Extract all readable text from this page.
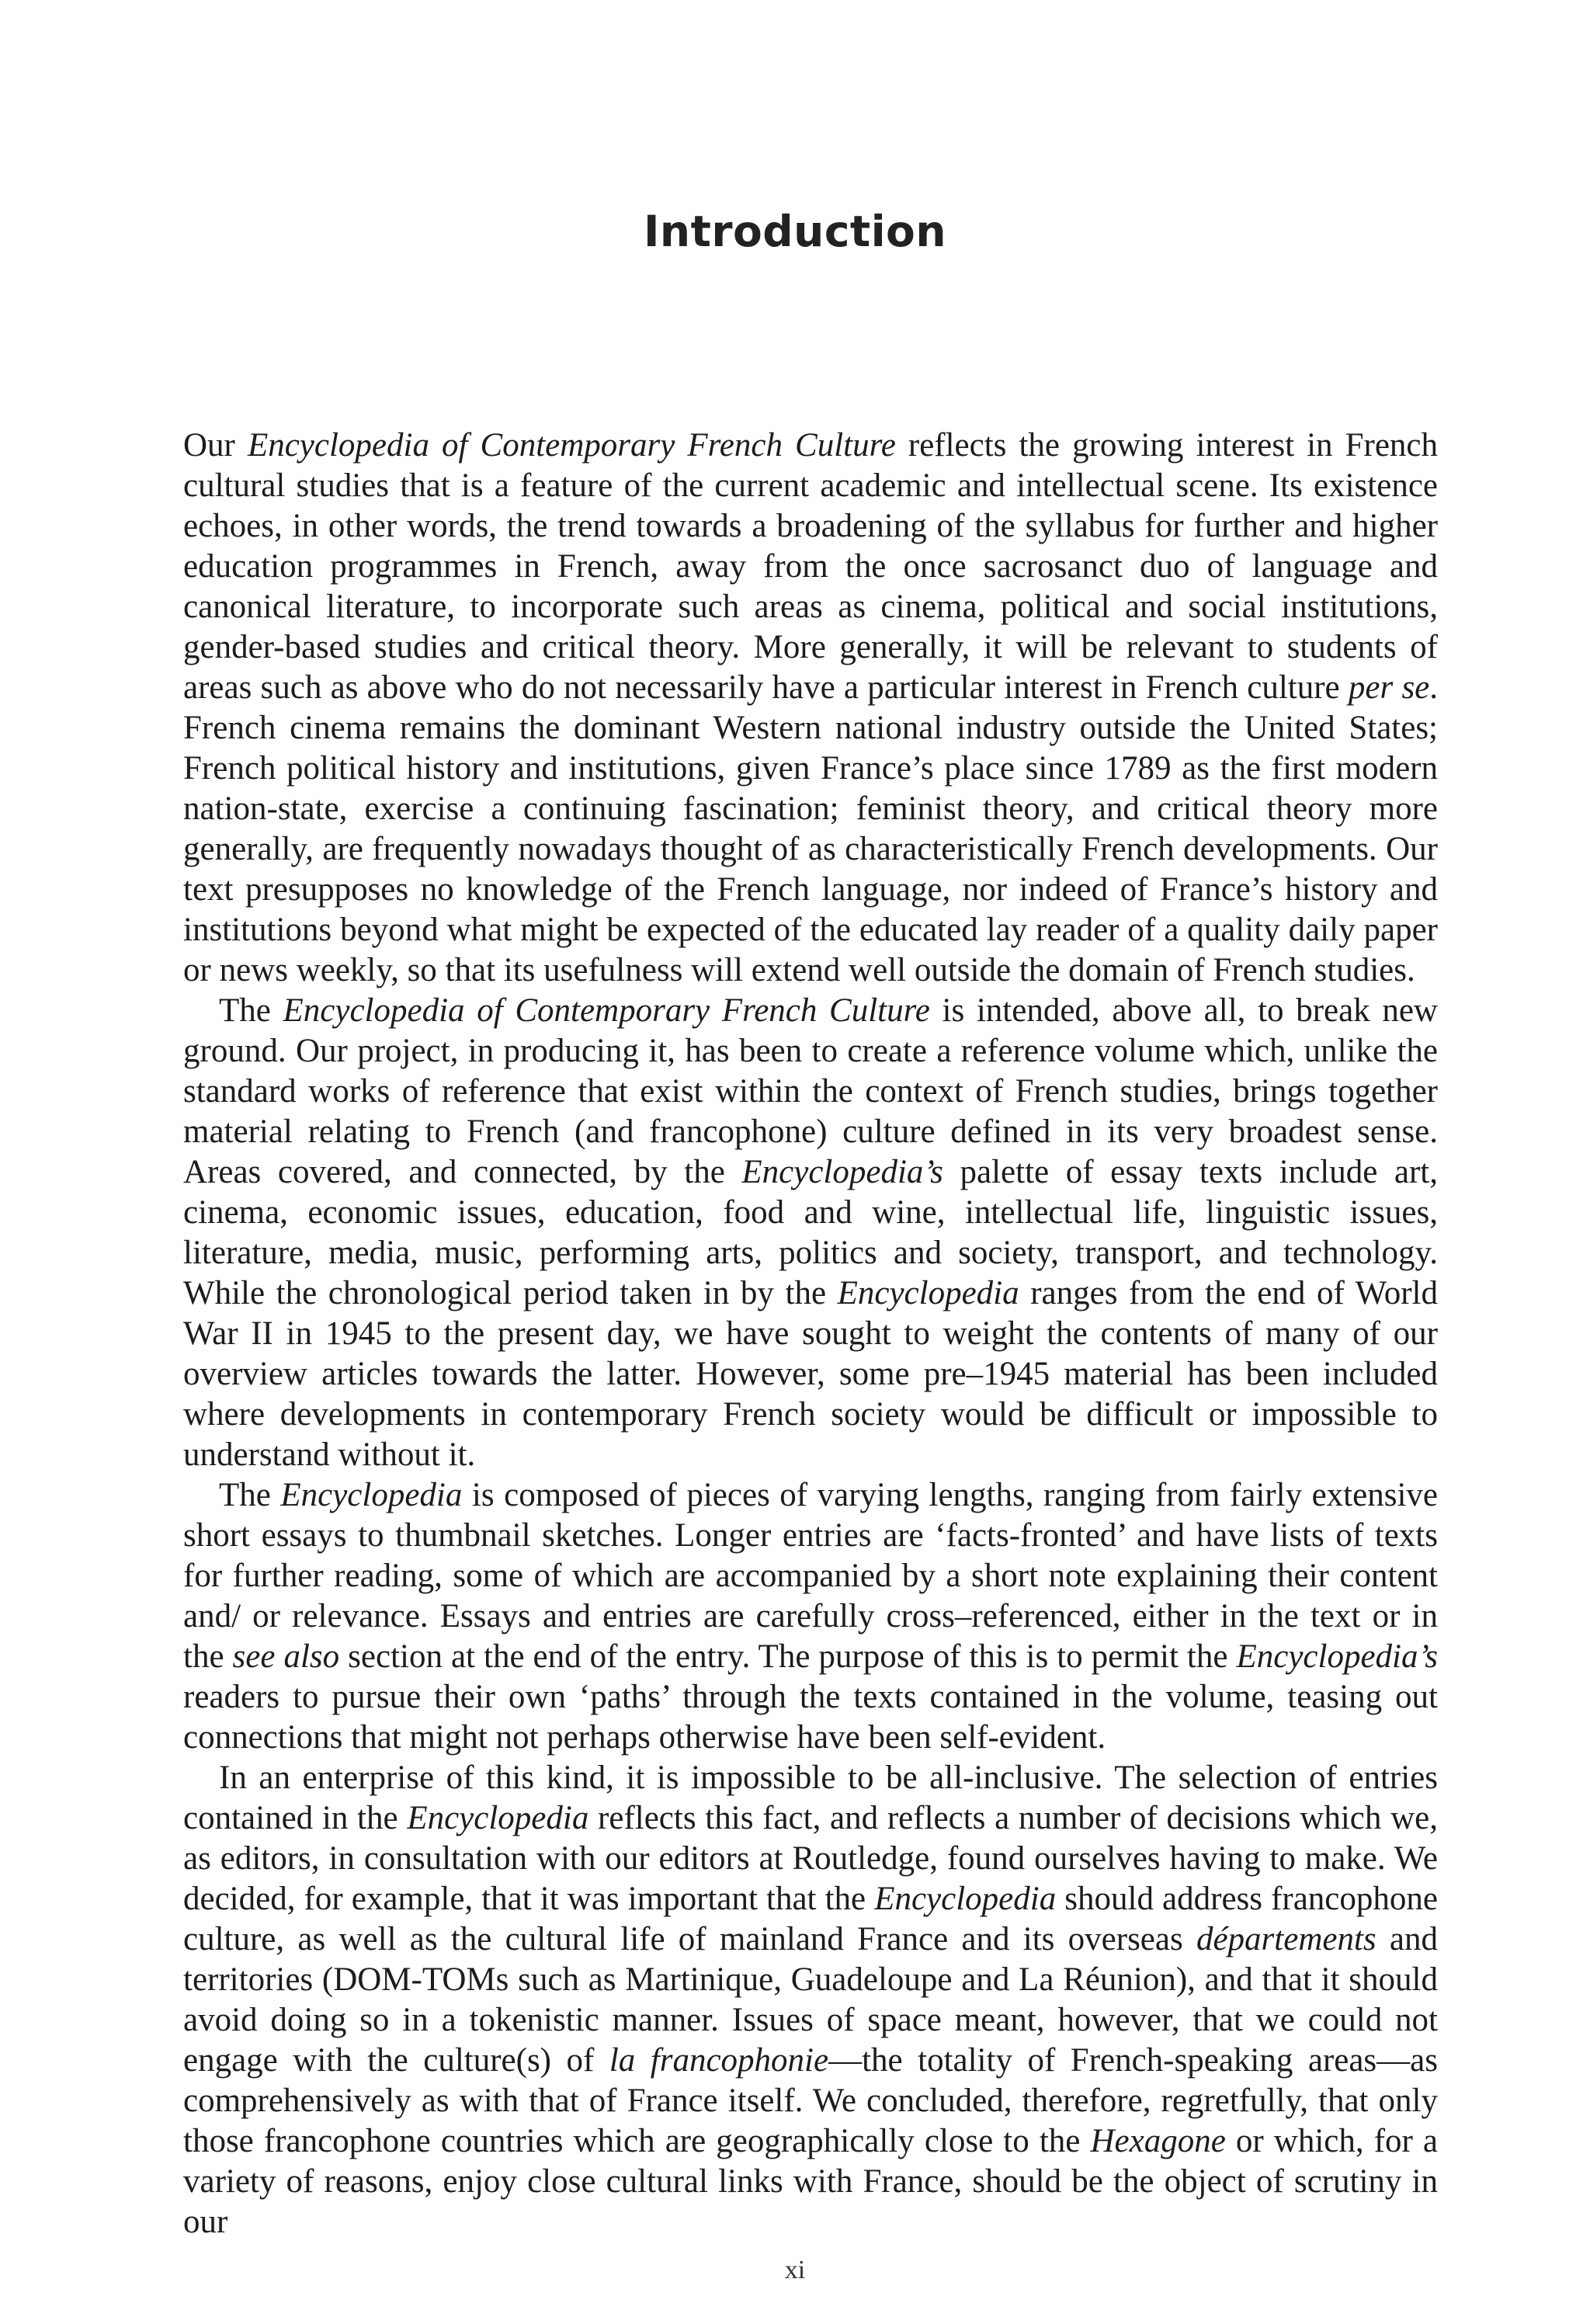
Introduction

Our Encyclopedia of Contemporary French Culture reflects the growing interest in French cultural studies that is a feature of the current academic and intellectual scene. Its existence echoes, in other words, the trend towards a broadening of the syllabus for further and higher education programmes in French, away from the once sacrosanct duo of language and canonical literature, to incorporate such areas as cinema, political and social institutions, gender-based studies and critical theory. More generally, it will be relevant to students of areas such as above who do not necessarily have a particular interest in French culture per se. French cinema remains the dominant Western national industry outside the United States; French political history and institutions, given France’s place since 1789 as the first modern nation-state, exercise a continuing fascination; feminist theory, and critical theory more generally, are frequently nowadays thought of as characteristically French developments. Our text presupposes no knowledge of the French language, nor indeed of France’s history and institutions beyond what might be expected of the educated lay reader of a quality daily paper or news weekly, so that its usefulness will extend well outside the domain of French studies.

The Encyclopedia of Contemporary French Culture is intended, above all, to break new ground. Our project, in producing it, has been to create a reference volume which, unlike the standard works of reference that exist within the context of French studies, brings together material relating to French (and francophone) culture defined in its very broadest sense. Areas covered, and connected, by the Encyclopedia’s palette of essay texts include art, cinema, economic issues, education, food and wine, intellectual life, linguistic issues, literature, media, music, performing arts, politics and society, transport, and technology. While the chronological period taken in by the Encyclopedia ranges from the end of World War II in 1945 to the present day, we have sought to weight the contents of many of our overview articles towards the latter. However, some pre–1945 material has been included where developments in contemporary French society would be difficult or impossible to understand without it.

The Encyclopedia is composed of pieces of varying lengths, ranging from fairly extensive short essays to thumbnail sketches. Longer entries are ‘facts-fronted’ and have lists of texts for further reading, some of which are accompanied by a short note explaining their content and/ or relevance. Essays and entries are carefully cross–referenced, either in the text or in the see also section at the end of the entry. The purpose of this is to permit the Encyclopedia’s readers to pursue their own ‘paths’ through the texts contained in the volume, teasing out connections that might not perhaps otherwise have been self-evident.

In an enterprise of this kind, it is impossible to be all-inclusive. The selection of entries contained in the Encyclopedia reflects this fact, and reflects a number of decisions which we, as editors, in consultation with our editors at Routledge, found ourselves having to make. We decided, for example, that it was important that the Encyclopedia should address francophone culture, as well as the cultural life of mainland France and its overseas départements and territories (DOM-TOMs such as Martinique, Guadeloupe and La Réunion), and that it should avoid doing so in a tokenistic manner. Issues of space meant, however, that we could not engage with the culture(s) of la francophonie—the totality of French-speaking areas—as comprehensively as with that of France itself. We concluded, therefore, regretfully, that only those francophone countries which are geographically close to the Hexagone or which, for a variety of reasons, enjoy close cultural links with France, should be the object of scrutiny in our

xi
